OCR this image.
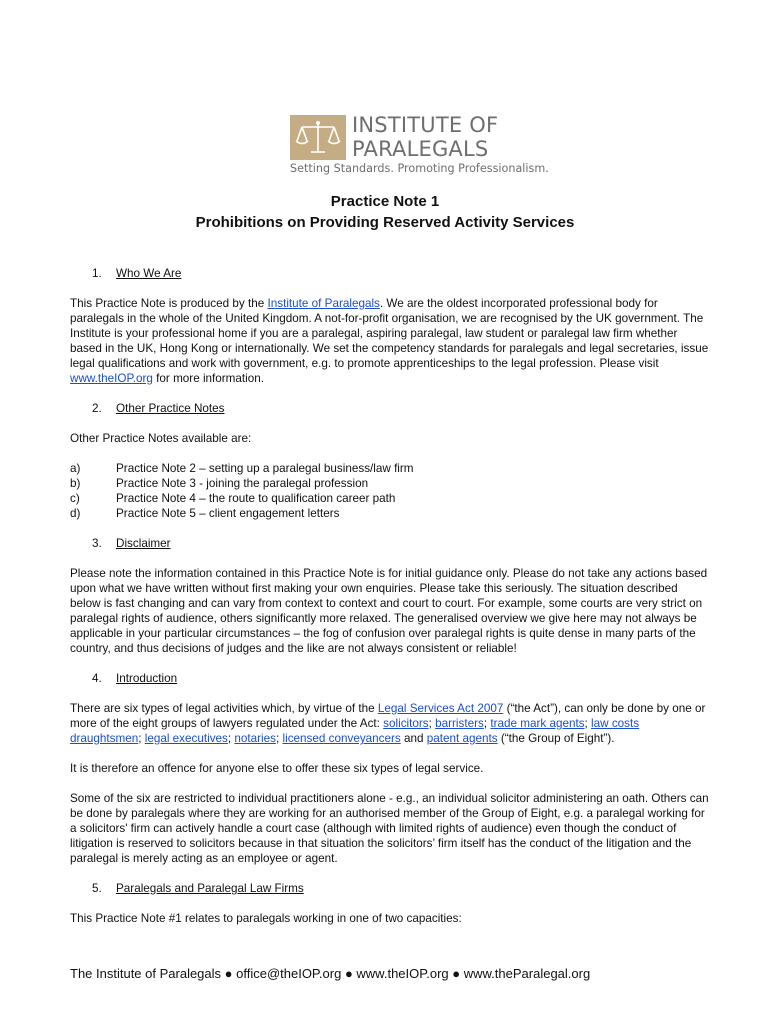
INSTITUTE OF
PARALEGALS
Setting Standards. Promoting Professionalism.
Practice Note 1
Prohibitions on Providing Reserved Activity Services
1.	Who We Are

This Practice Note is produced by the Institute of Paralegals. We are the oldest incorporated professional body for paralegals in the whole of the United Kingdom. A not-for-profit organisation, we are recognised by the UK government. The Institute is your professional home if you are a paralegal, aspiring paralegal, law student or paralegal law firm whether based in the UK, Hong Kong or internationally. We set the competency standards for paralegals and legal secretaries, issue legal qualifications and work with government, e.g. to promote apprenticeships to the legal profession. Please visit www.theIOP.org for more information.

2.	Other Practice Notes

Other Practice Notes available are:

a)	Practice Note 2 – setting up a paralegal business/law firm
b)	Practice Note 3 - joining the paralegal profession
c)	Practice Note 4 – the route to qualification career path
d)	Practice Note 5 – client engagement letters
3.	Disclaimer

Please note the information contained in this Practice Note is for initial guidance only. Please do not take any actions based upon what we have written without first making your own enquiries. Please take this seriously. The situation described below is fast changing and can vary from context to context and court to court. For example, some courts are very strict on paralegal rights of audience, others significantly more relaxed. The generalised overview we give here may not always be applicable in your particular circumstances – the fog of confusion over paralegal rights is quite dense in many parts of the country, and thus decisions of judges and the like are not always consistent or reliable!

4.	Introduction

There are six types of legal activities which, by virtue of the Legal Services Act 2007 (“the Act”), can only be done by one or more of the eight groups of lawyers regulated under the Act: solicitors; barristers; trade mark agents; law costs draughtsmen; legal executives; notaries; licensed conveyancers and patent agents (“the Group of Eight”).

It is therefore an offence for anyone else to offer these six types of legal service.

Some of the six are restricted to individual practitioners alone - e.g., an individual solicitor administering an oath. Others can be done by paralegals where they are working for an authorised member of the Group of Eight, e.g. a paralegal working for a solicitors' firm can actively handle a court case (although with limited rights of audience) even though the conduct of litigation is reserved to solicitors because in that situation the solicitors’ firm itself has the conduct of the litigation and the paralegal is merely acting as an employee or agent.

5.	Paralegals and Paralegal Law Firms

This Practice Note #1 relates to paralegals working in one of two capacities:

The Institute of Paralegals ● office@theIOP.org ● www.theIOP.org ● www.theParalegal.org
